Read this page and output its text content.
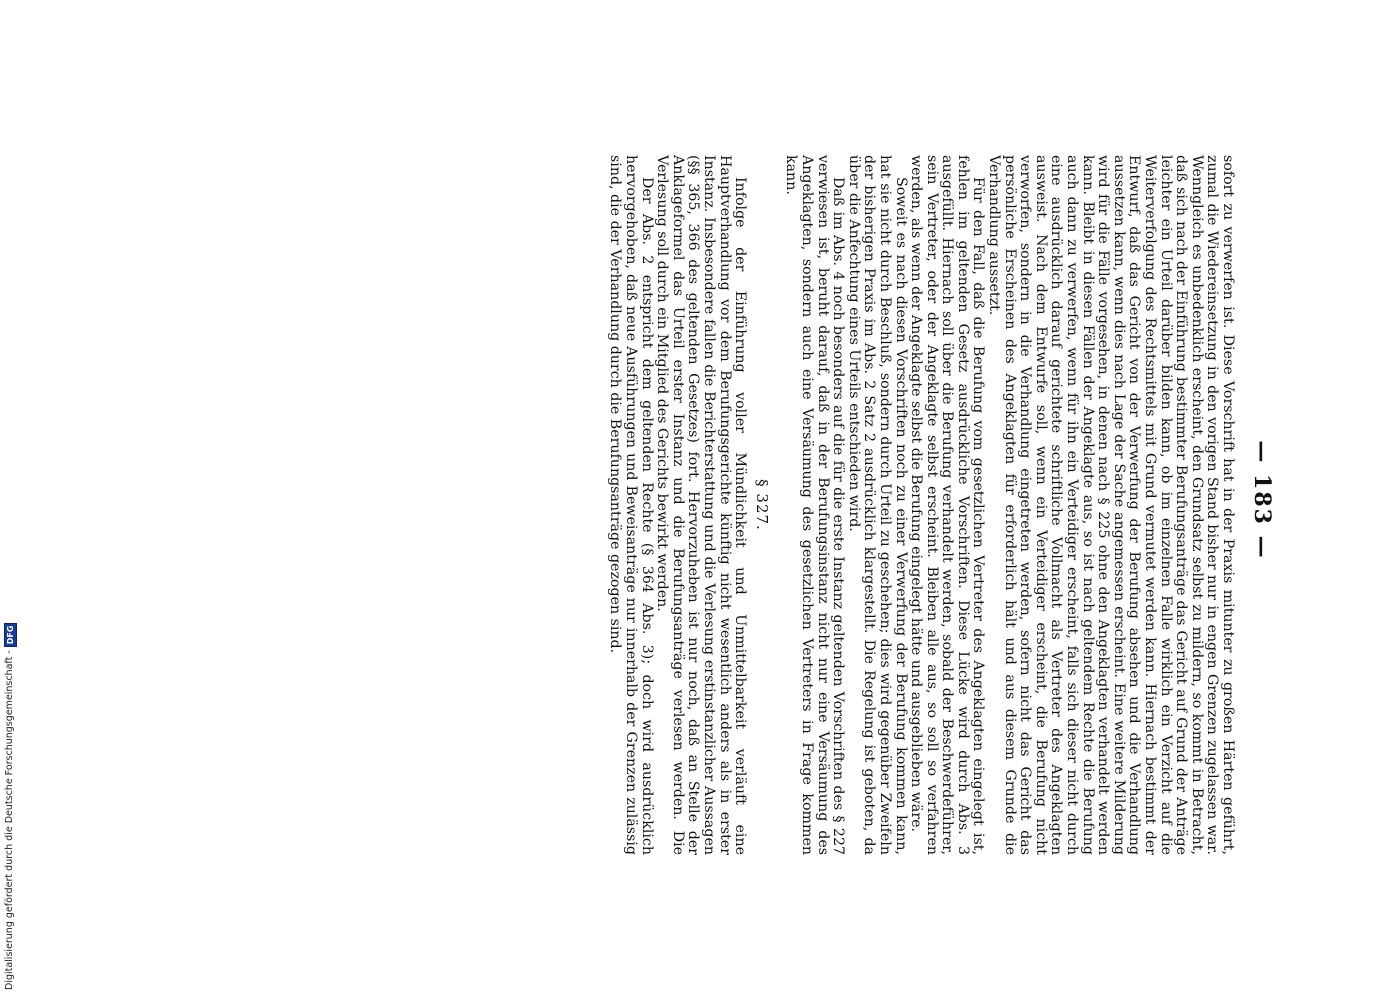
— 183 —

sofort zu verwerfen ist. Diese Vorschrift hat in der Praxis mitunter zu großen Härten geführt, zumal die Wiedereinsetzung in den vorigen Stand bisher nur in engen Grenzen zugelassen war. Wenngleich es unbedenklich erscheint, den Grundsatz selbst zu mildern, so kommt in Betracht, daß sich nach der Einführung bestimmter Berufungsanträge das Gericht auf Grund der Anträge leichter ein Urteil darüber bilden kann, ob im einzelnen Falle wirklich ein Verzicht auf die Weiterverfolgung des Rechtsmittels mit Grund vermutet werden kann. Hiernach bestimmt der Entwurf, daß das Gericht von der Verwerfung der Berufung absehen und die Verhandlung aussetzen kann, wenn dies nach Lage der Sache angemessen erscheint. Eine weitere Milderung wird für die Fälle vorgesehen, in denen nach § 225 ohne den Angeklagten verhandelt werden kann. Bleibt in diesen Fällen der Angeklagte aus, so ist nach geltendem Rechte die Berufung auch dann zu verwerfen, wenn für ihn ein Verteidiger erscheint, falls sich dieser nicht durch eine ausdrücklich darauf gerichtete schriftliche Vollmacht als Vertreter des Angeklagten ausweist. Nach dem Entwurfe soll, wenn ein Verteidiger erscheint, die Berufung nicht verworfen, sondern in die Verhandlung eingetreten werden, sofern nicht das Gericht das persönliche Erscheinen des Angeklagten für erforderlich hält und aus diesem Grunde die Verhandlung aussetzt.

Für den Fall, daß die Berufung vom gesetzlichen Vertreter des Angeklagten eingelegt ist, fehlen im geltenden Gesetz ausdrückliche Vorschriften. Diese Lücke wird durch Abs. 3 ausgefüllt. Hiernach soll über die Berufung verhandelt werden, sobald der Beschwerdeführer, sein Vertreter, oder der Angeklagte selbst erscheint. Bleiben alle aus, so soll so verfahren werden, als wenn der Angeklagte selbst die Berufung eingelegt hätte und ausgeblieben wäre.

Soweit es nach diesen Vorschriften noch zu einer Verwerfung der Berufung kommen kann, hat sie nicht durch Beschluß, sondern durch Urteil zu geschehen; dies wird gegenüber Zweifeln der bisherigen Praxis im Abs. 2 Satz 2 ausdrücklich klargestellt. Die Regelung ist geboten, da über die Anfechtung eines Urteils entschieden wird.

Daß im Abs. 4 noch besonders auf die für die erste Instanz geltenden Vorschriften des § 227 verwiesen ist, beruht darauf, daß in der Berufungsinstanz nicht nur eine Versäumung des Angeklagten, sondern auch eine Versäumung des gesetzlichen Vertreters in Frage kommen kann.

§ 327.

Infolge der Einführung voller Mündlichkeit und Unmittelbarkeit verläuft eine Hauptverhandlung vor dem Berufungsgerichte künftig nicht wesentlich anders als in erster Instanz. Insbesondere fallen die Berichterstattung und die Verlesung erstinstanzlicher Aussagen (§§ 365, 366 des geltenden Gesetzes) fort. Hervorzuheben ist nur noch, daß an Stelle der Anklageformel das Urteil erster Instanz und die Berufungsanträge verlesen werden. Die Verlesung soll durch ein Mitglied des Gerichts bewirkt werden.

Der Abs. 2 entspricht dem geltenden Rechte (§ 364 Abs. 3); doch wird ausdrücklich hervorgehoben, daß neue Ausführungen und Beweisanträge nur innerhalb der Grenzen zulässig sind, die der Verhandlung durch die Berufungsanträge gezogen sind.

Digitalisierung gefördert durch die Deutsche Forschungsgemeinschaft -
DFG
